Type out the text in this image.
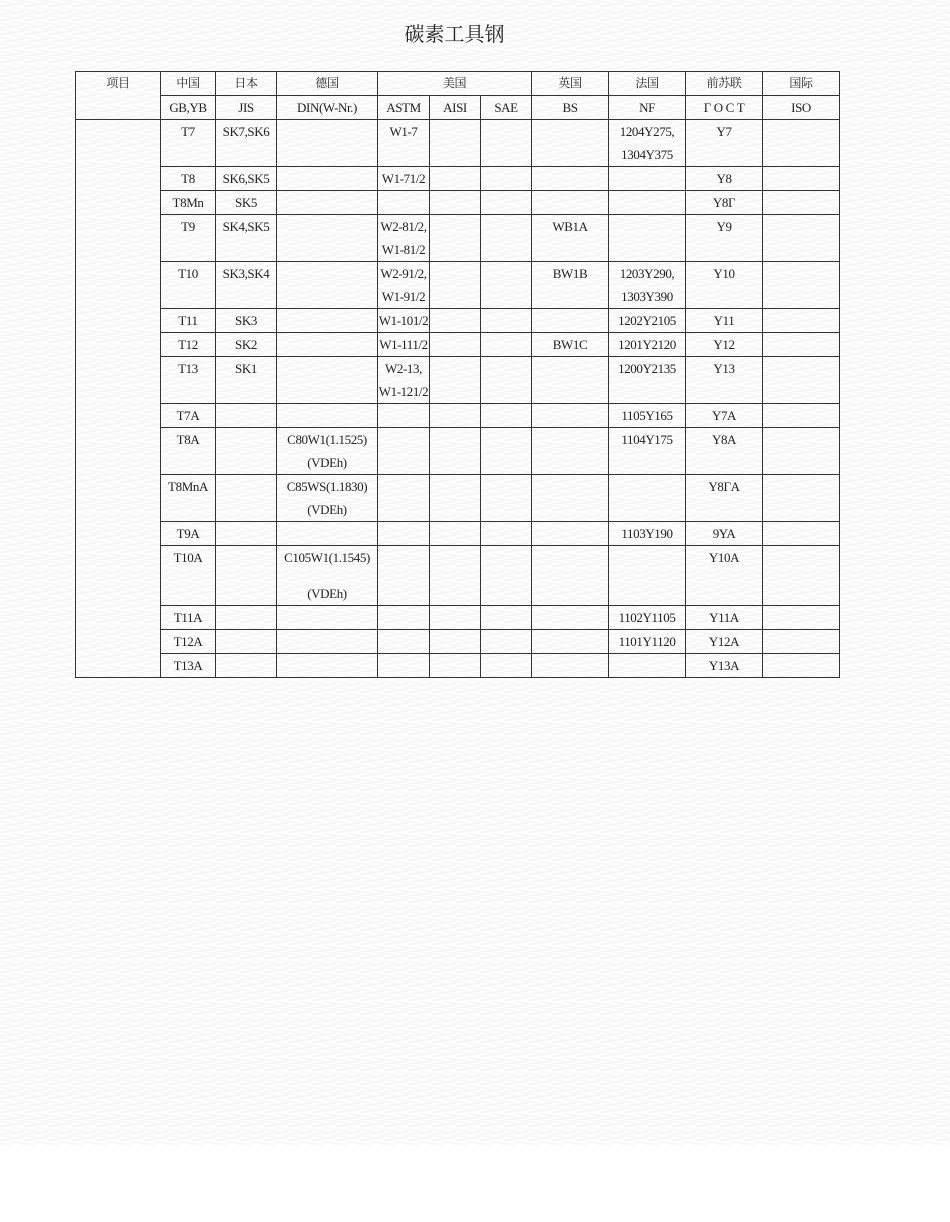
碳素工具钢
项目	中国	日本	德国	美国			英国	法国	前苏联	国际
	GB,YB	JIS	DIN(W-Nr.)	ASTM	AISI	SAE	BS	NF	Г О С Т	ISO
	T7	SK7,SK6		W1-7				1204Y275,
1304Y375	Y7	
	T8	SK6,SK5		W1-71/2					Y8	
	T8Mn	SK5							Y8Г	
	T9	SK4,SK5		W2-81/2,
W1-81/2			WB1A		Y9	
	T10	SK3,SK4		W2-91/2,
W1-91/2			BW1B	1203Y290,
1303Y390	Y10	
	T11	SK3		W1-101/2				1202Y2105	Y11	
	T12	SK2		W1-111/2			BW1C	1201Y2120	Y12	
	T13	SK1		W2-13,
W1-121/2				1200Y2135	Y13	
	T7A							1105Y165	Y7A	
	T8A		C80W1(1.1525)
(VDEh)					1104Y175	Y8A	
	T8MnA		C85WS(1.1830)
(VDEh)						Y8ГA	
	T9A							1103Y190	9YA	
	T10A		C105W1(1.1545)
(VDEh)						Y10A	
	T11A							1102Y1105	Y11A	
	T12A							1101Y1120	Y12A	
	T13A								Y13A	
